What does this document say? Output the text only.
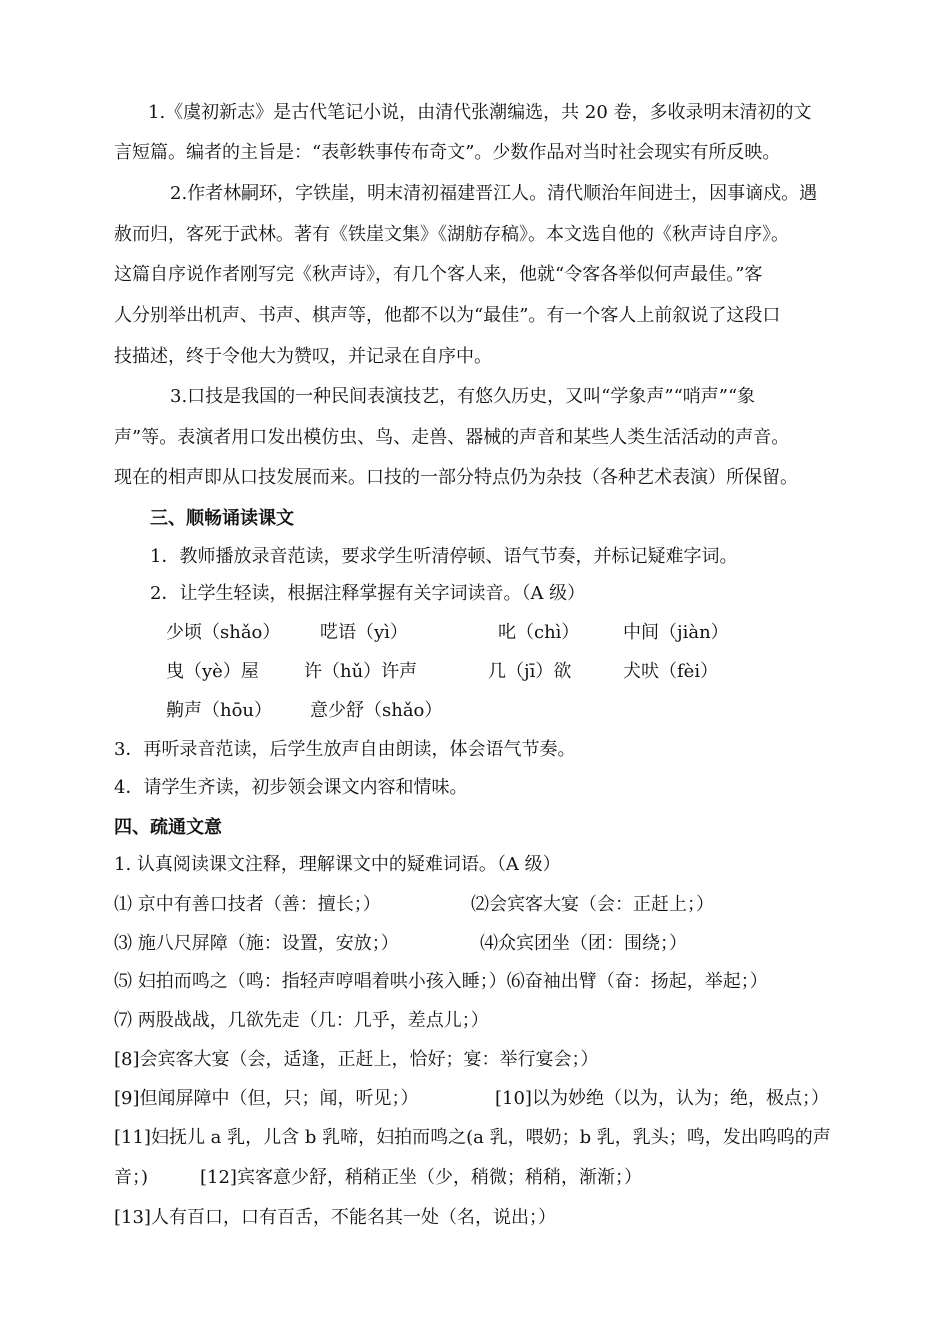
1.《虞初新志》是古代笔记小说，由清代张潮编选，共 20 卷，多收录明末清初的文
言短篇。编者的主旨是：“表彰轶事传布奇文”。少数作品对当时社会现实有所反映。
2.作者林嗣环，字铁崖，明末清初福建晋江人。清代顺治年间进士，因事谪戍。遇
赦而归，客死于武林。著有《铁崖文集》《湖舫存稿》。本文选自他的《秋声诗自序》。
这篇自序说作者刚写完《秋声诗》，有几个客人来，他就“令客各举似何声最佳。”客
人分别举出机声、书声、棋声等，他都不以为“最佳”。有一个客人上前叙说了这段口
技描述，终于令他大为赞叹，并记录在自序中。
3.口技是我国的一种民间表演技艺，有悠久历史，又叫“学象声”“哨声”“象
声”等。表演者用口发出模仿虫、鸟、走兽、器械的声音和某些人类生活活动的声音。
现在的相声即从口技发展而来。口技的一部分特点仍为杂技（各种艺术表演）所保留。
三、顺畅诵读课文
1．教师播放录音范读，要求学生听清停顿、语气节奏，并标记疑难字词。
2．让学生轻读，根据注释掌握有关字词读音。（A 级）
少顷（shǎo） 呓语（yì）	叱（chì） 中间（jiàn）
曳（yè）屋	许（hǔ）许声	几（jī）欲	犬吠（fèi）
齁声（hōu） 意少舒（shǎo）
3．再听录音范读，后学生放声自由朗读，体会语气节奏。
4．请学生齐读，初步领会课文内容和情味。
四、疏通文意
1. 认真阅读课文注释，理解课文中的疑难词语。（A 级）
⑴ 京中有善口技者（善：擅长；）	⑵会宾客大宴（会：正赶上；）
⑶ 施八尺屏障（施：设置，安放；）	⑷众宾团坐（团：围绕；）
⑸ 妇拍而鸣之（鸣：指轻声哼唱着哄小孩入睡；）⑹奋袖出臂（奋：扬起，举起；）
⑺ 两股战战，几欲先走（几：几乎，差点儿；）
[8]会宾客大宴（会，适逢，正赶上，恰好；宴：举行宴会；）
[9]但闻屏障中（但，只；闻，听见；）	[10]以为妙绝（以为，认为；绝，极点；）
[11]妇抚儿 a 乳，儿含 b 乳啼，妇拍而鸣之(a 乳，喂奶；b 乳，乳头；鸣，发出呜呜的声
音；)	[12]宾客意少舒，稍稍正坐（少，稍微；稍稍，渐渐；）
[13]人有百口，口有百舌，不能名其一处（名，说出；）
